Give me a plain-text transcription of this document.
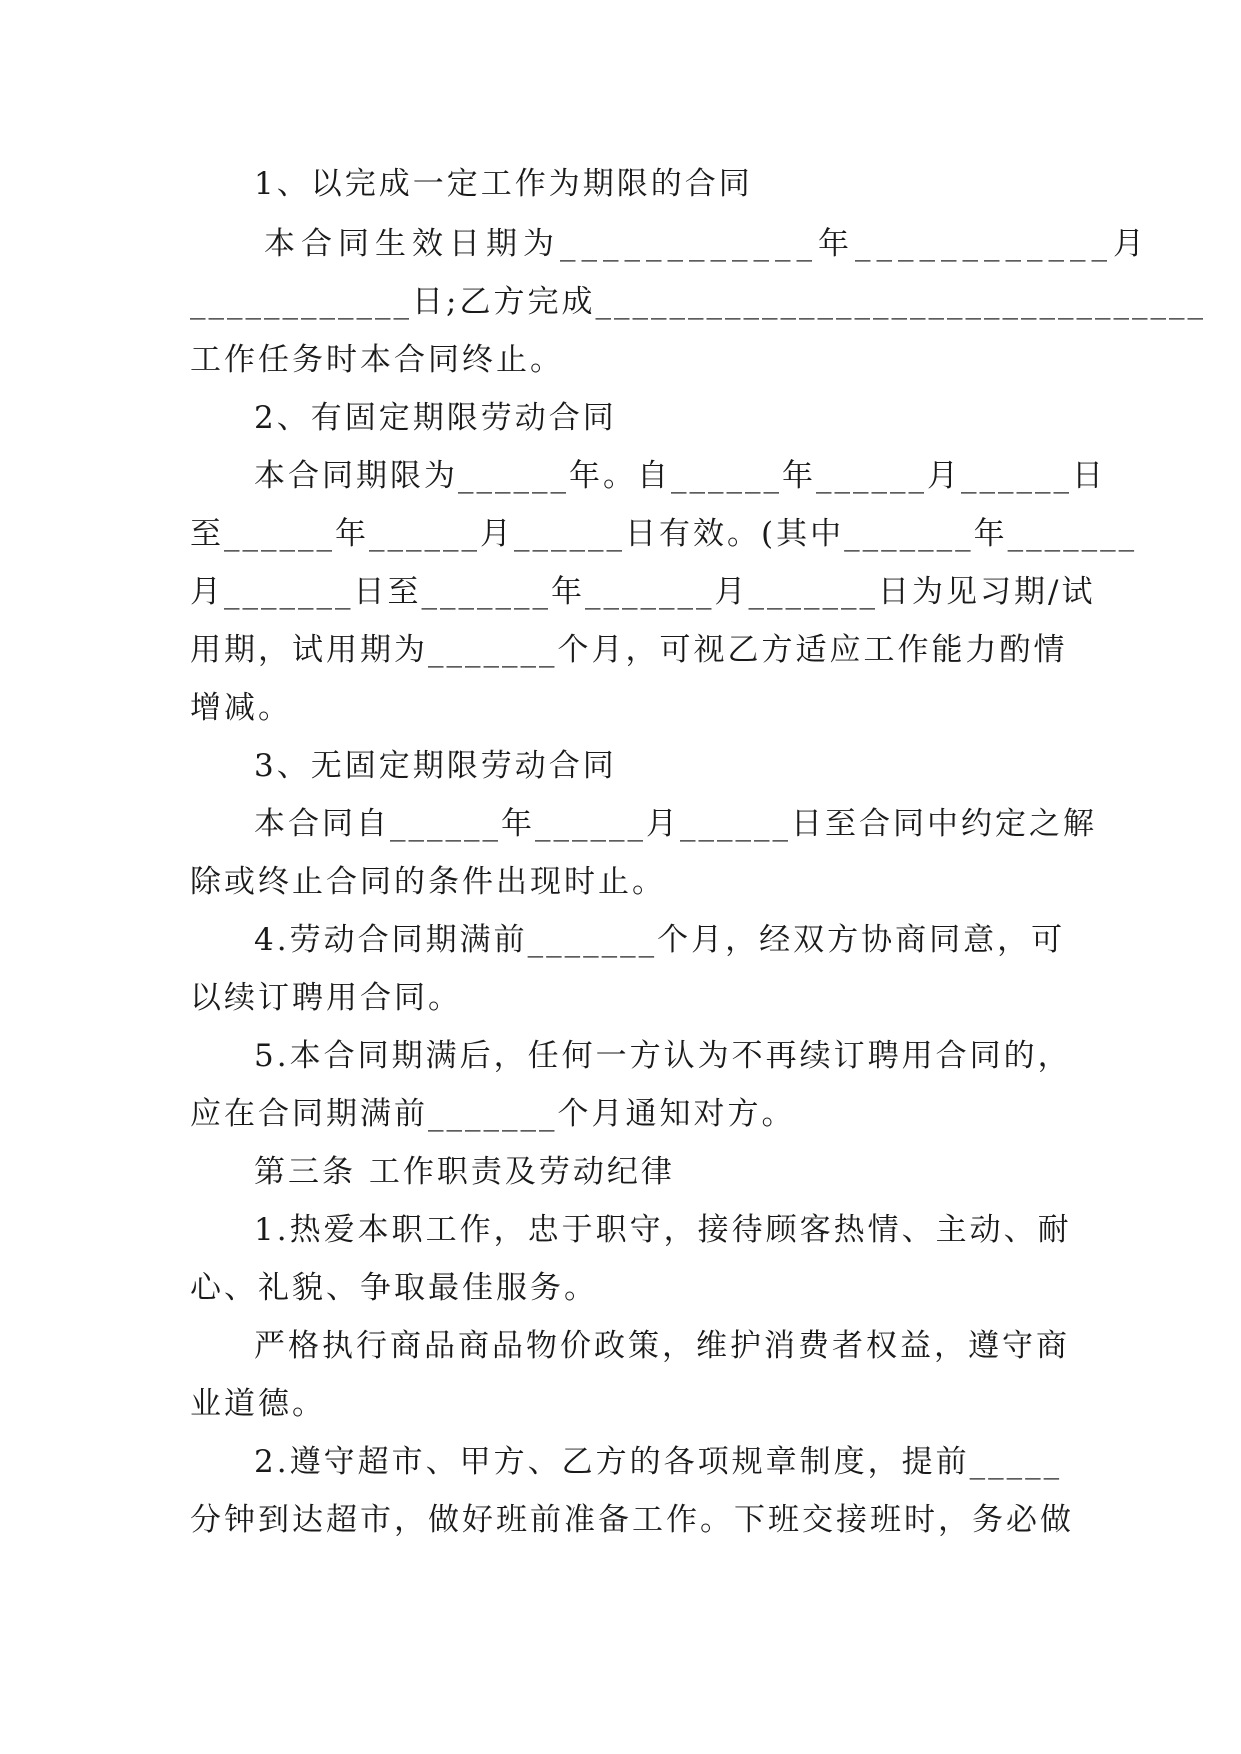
1、以完成一定工作为期限的合同
本合同生效日期为____________年____________月
____________日;乙方完成_________________________________
工作任务时本合同终止。
2、有固定期限劳动合同
本合同期限为______年。自______年______月______日
至______年______月______日有效。(其中_______年_______
月_______日至_______年_______月_______日为见习期/试
用期，试用期为_______个月，可视乙方适应工作能力酌情
增减。
3、无固定期限劳动合同
本合同自______年______月______日至合同中约定之解
除或终止合同的条件出现时止。
4.劳动合同期满前_______个月，经双方协商同意，可
以续订聘用合同。
5.本合同期满后，任何一方认为不再续订聘用合同的，
应在合同期满前_______个月通知对方。
第三条 工作职责及劳动纪律
1.热爱本职工作，忠于职守，接待顾客热情、主动、耐
心、礼貌、争取最佳服务。
严格执行商品商品物价政策，维护消费者权益，遵守商
业道德。
2.遵守超市、甲方、乙方的各项规章制度，提前_____
分钟到达超市，做好班前准备工作。下班交接班时，务必做
